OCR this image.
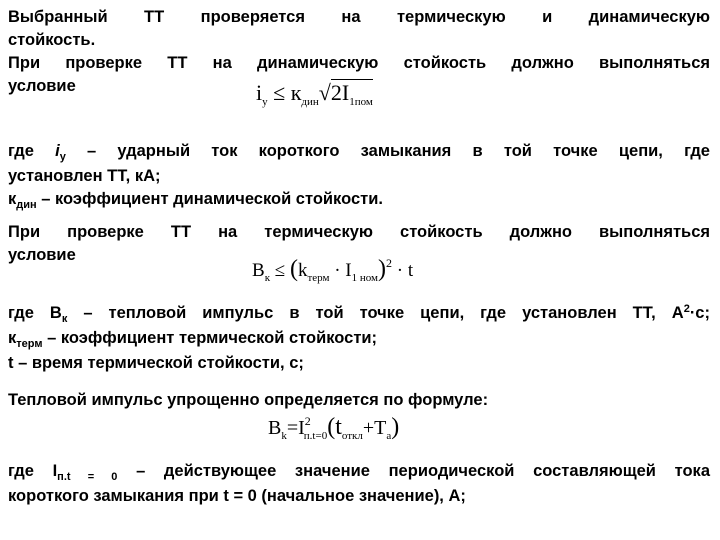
Выбранный ТТ проверяется на термическую и динамическую
стойкость.
При проверке ТТ на динамическую стойкость должно выполняться
условие	$i_у \le к_{дин}√2I_{1пом}$
где $i_у$ – ударный ток короткого замыкания в той точке цепи, где
установлен ТТ, кА;
$к_{дин}$ – коэффициент динамической стойкости.
При проверке ТТ на термическую стойкость должно выполняться
условие
$B_к \le (k_{терм} \cdot I_{1 ном})^2 \cdot t$
где $В_к$ – тепловой импульс в той точке цепи, где установлен ТТ, $А^2\cdot с$;
$к_{терм}$ – коэффициент термической стойкости;
t – время термической стойкости, с;
Тепловой импульс упрощенно определяется по формуле:
$B_k=I^2_{п.t=0}(t_{откл}+T_а)$
где $I_{п.t = 0}$ – действующее значение периодической составляющей тока
короткого замыкания при t = 0 (начальное значение), А;
